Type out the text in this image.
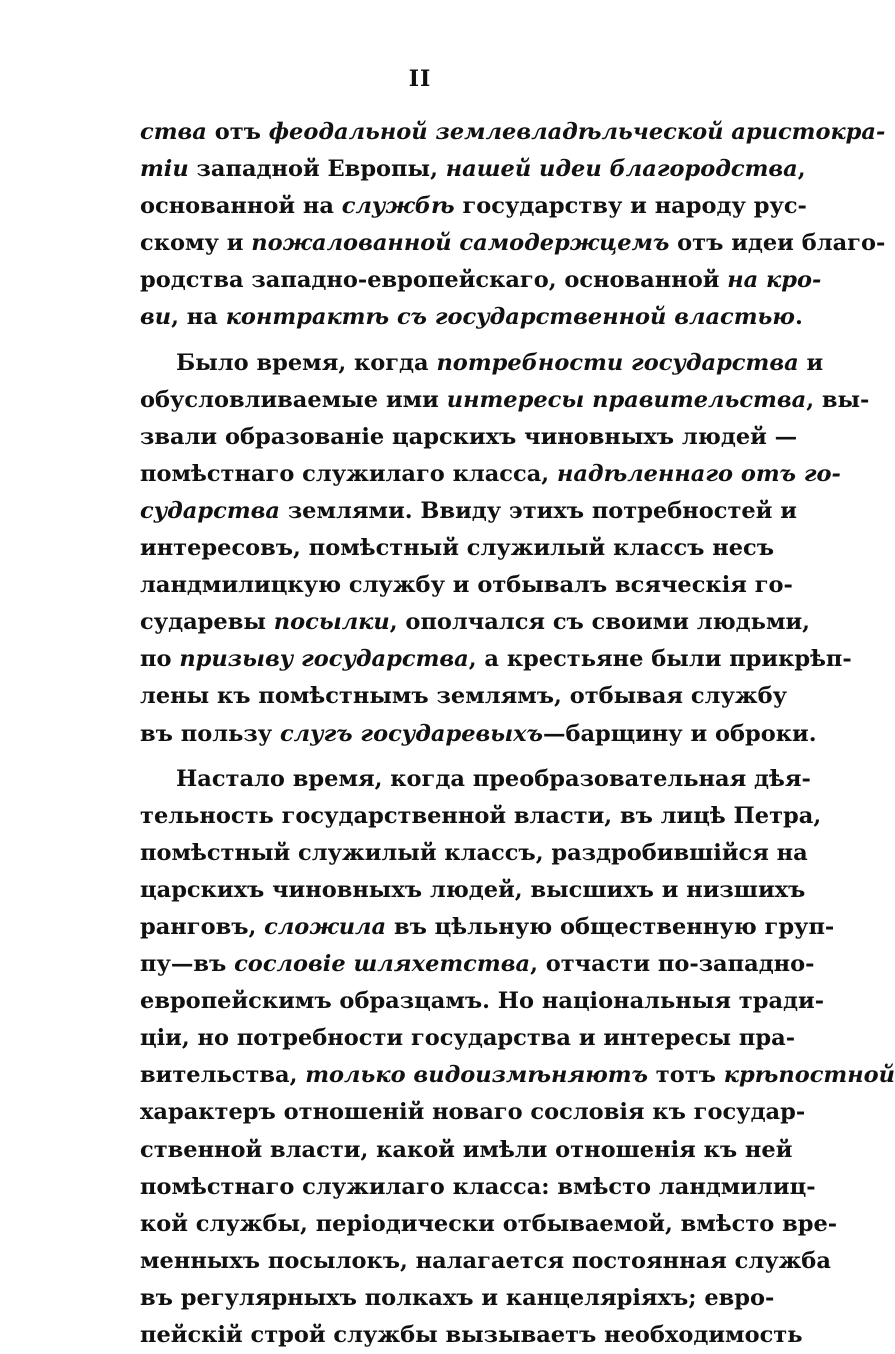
II
ства отъ феодальной землевладѣльческой аристокра-
тіи западной Европы, нашей идеи благородства,
основанной на службѣ государству и народу рус-
скому и пожалованной самодержцемъ отъ идеи благо-
родства западно-европейскаго, основанной на кро-
ви, на контрактѣ съ государственной властью.
Было время, когда потребности государства и
обусловливаемые ими интересы правительства, вы-
звали образованіе царскихъ чиновныхъ людей —
помѣстнаго служилаго класса, надѣленнаго отъ го-
сударства землями. Ввиду этихъ потребностей и
интересовъ, помѣстный служилый классъ несъ
ландмилицкую службу и отбывалъ всяческія го-
сударевы посылки, ополчался съ своими людьми,
по призыву государства, а крестьяне были прикрѣп-
лены къ помѣстнымъ землямъ, отбывая службу
въ пользу слугъ государевыхъ—барщину и оброки.
Настало время, когда преобразовательная дѣя-
тельность государственной власти, въ лицѣ Петра,
помѣстный служилый классъ, раздробившійся на
царскихъ чиновныхъ людей, высшихъ и низшихъ
ранговъ, сложила въ цѣльную общественную груп-
пу—въ сословіе шляхетства, отчасти по-западно-
европейскимъ образцамъ. Но національныя тради-
ціи, но потребности государства и интересы пра-
вительства, только видоизмѣняютъ тотъ крѣпостной
характеръ отношеній новаго сословія къ государ-
ственной власти, какой имѣли отношенія къ ней
помѣстнаго служилаго класса: вмѣсто ландмилиц-
кой службы, періодически отбываемой, вмѣсто вре-
менныхъ посылокъ, налагается постоянная служба
въ регулярныхъ полкахъ и канцеляріяхъ; евро-
пейскій строй службы вызываетъ необходимость
